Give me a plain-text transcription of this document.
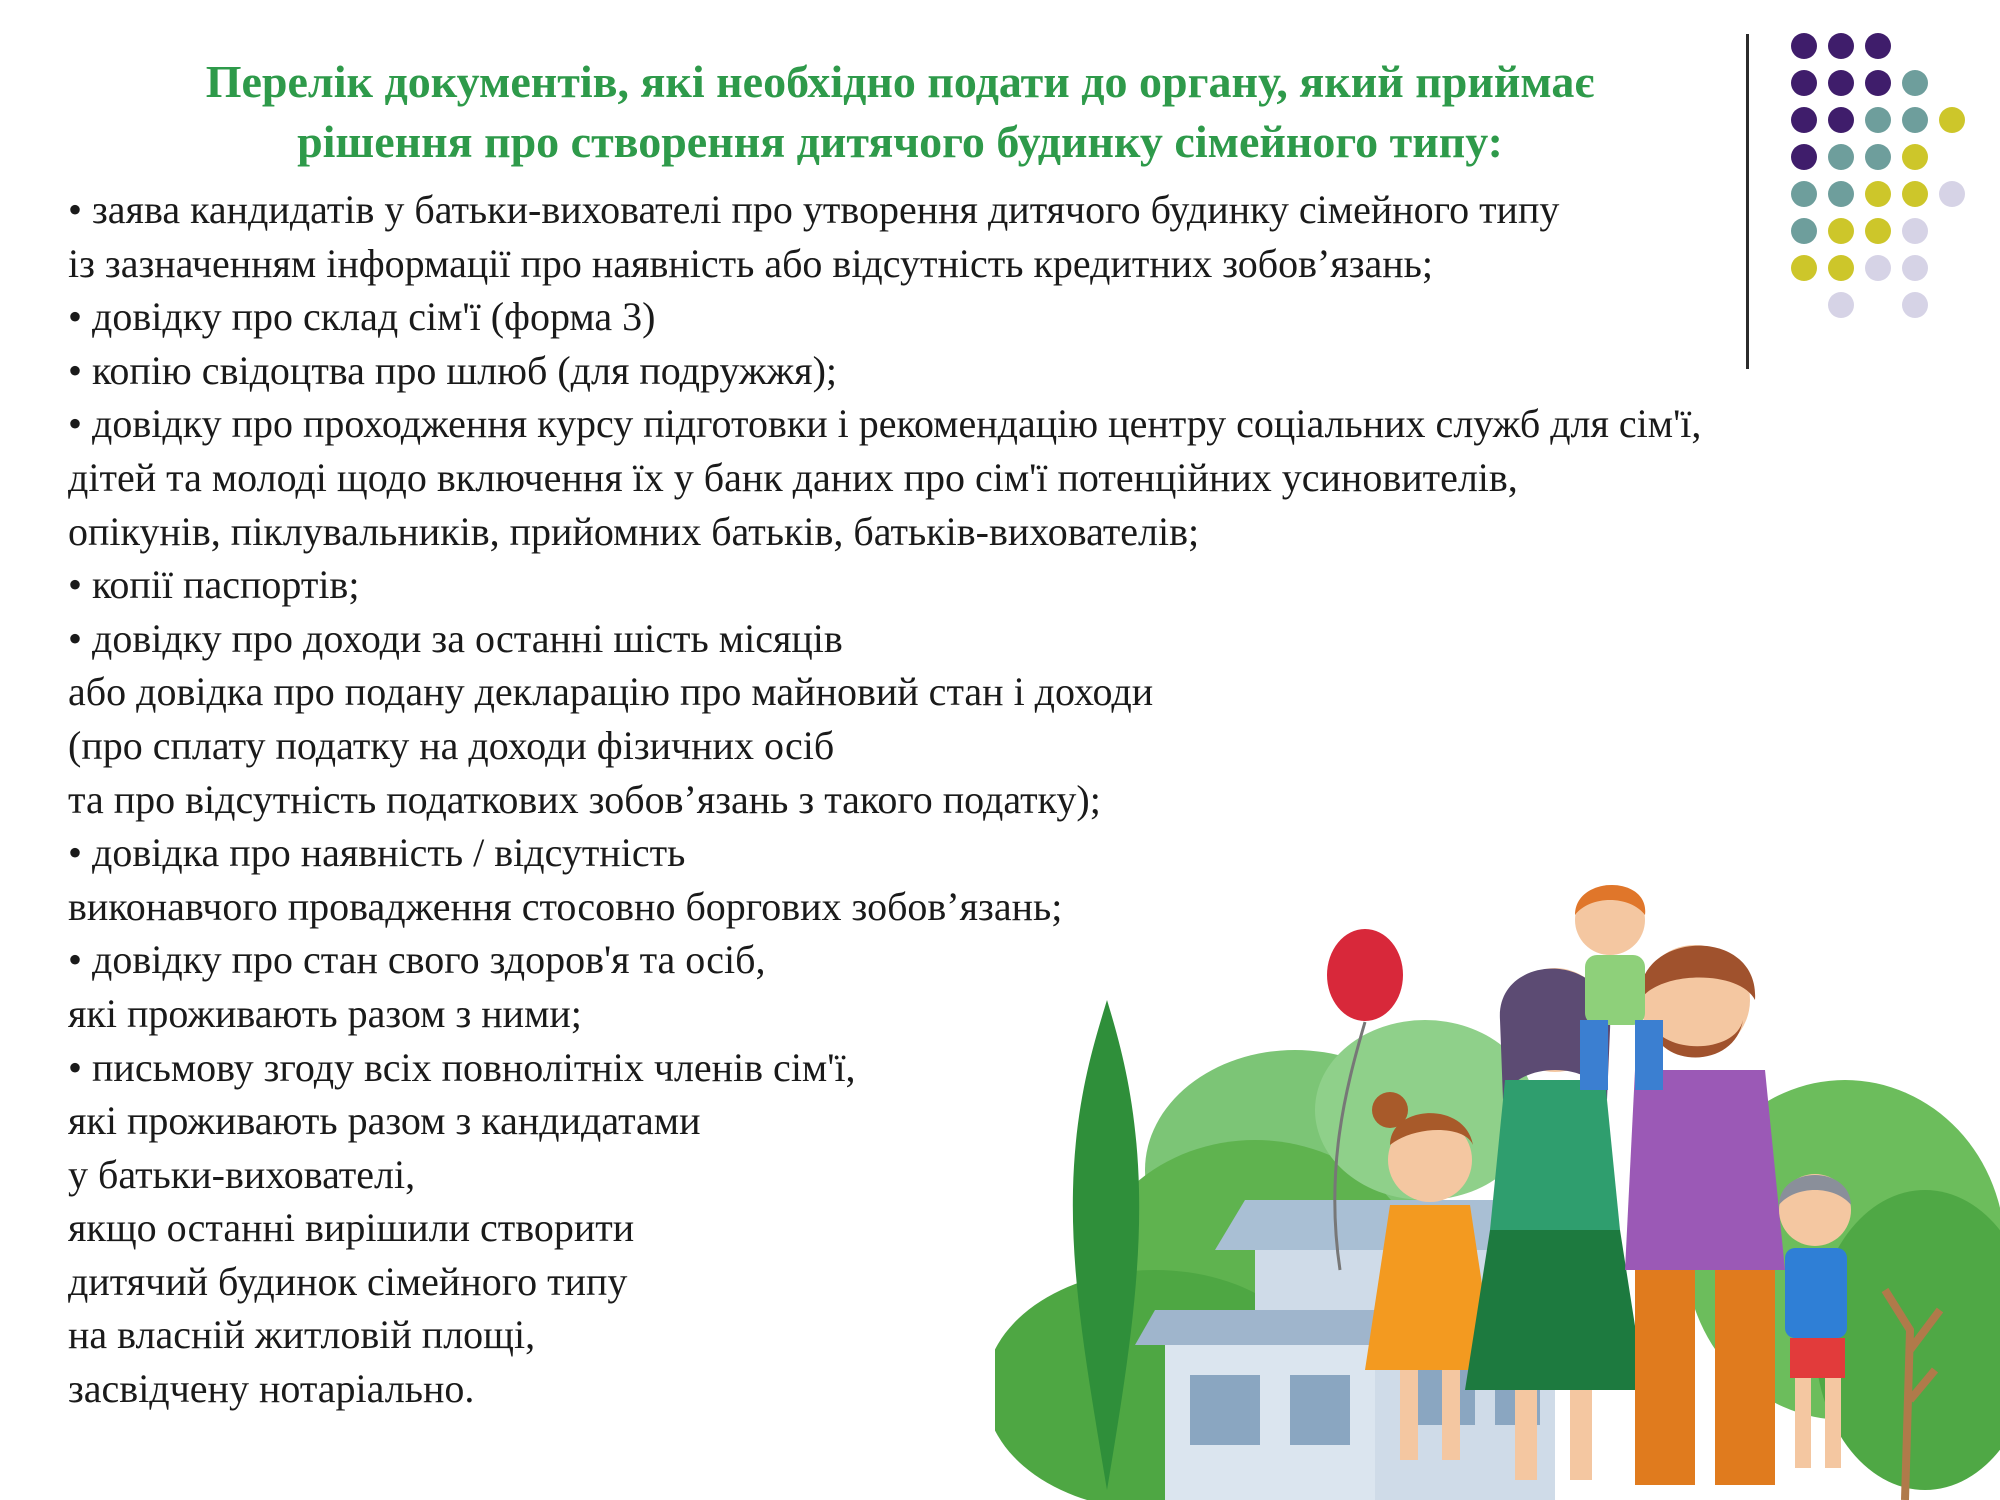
Перелік документів, які необхідно подати до органу, який приймає
рішення про створення дитячого будинку сімейного типу:
• заява кандидатів у батьки-вихователі про утворення дитячого будинку сімейного типу
із зазначенням інформації про наявність або відсутність кредитних зобов’язань;
• довідку про склад сім'ї (форма 3)
• копію свідоцтва про шлюб (для подружжя);
• довідку про проходження курсу підготовки і рекомендацію центру соціальних служб для сім'ї,
дітей та молоді щодо включення їх у банк даних про сім'ї потенційних усиновителів,
опікунів, піклувальників, прийомних батьків, батьків-вихователів;
• копії паспортів;
• довідку про доходи за останні шість місяців
або довідка про подану декларацію про майновий стан і доходи
(про сплату податку на доходи фізичних осіб
та про відсутність податкових зобов’язань з такого податку);
• довідка про наявність / відсутність
виконавчого провадження стосовно боргових зобов’язань;
• довідку про стан свого здоров'я та осіб,
які проживають разом з ними;
• письмову згоду всіх повнолітніх членів сім'ї,
які проживають разом з кандидатами
у батьки-вихователі,
якщо останні вирішили створити
дитячий будинок сімейного типу
на власній житловій площі,
засвідчену нотаріально.
